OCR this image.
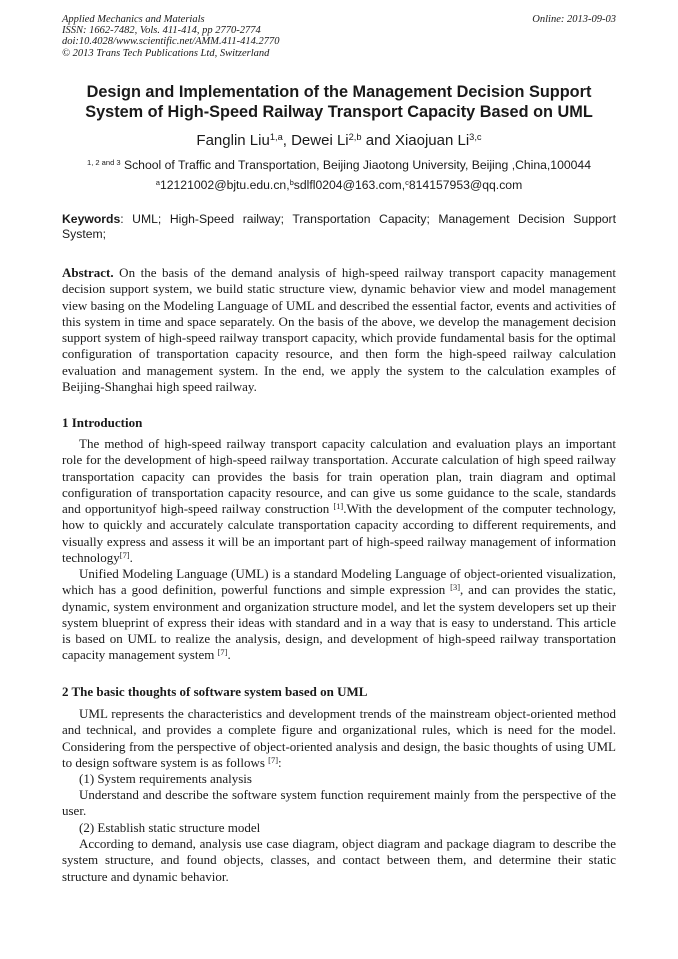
Applied Mechanics and Materials
ISSN: 1662-7482, Vols. 411-414, pp 2770-2774
doi:10.4028/www.scientific.net/AMM.411-414.2770
© 2013 Trans Tech Publications Ltd, Switzerland
Online: 2013-09-03
Design and Implementation of the Management Decision Support
System of High-Speed Railway Transport Capacity Based on UML
Fanglin Liu$^{1,a}$, Dewei Li$^{2,b}$ and Xiaojuan Li$^{3,c}$
$^{1, 2 and 3}$ School of Traffic and Transportation, Beijing Jiaotong University, Beijing ,China,100044
$^a$12121002@bjtu.edu.cn,$^b$sdlfl0204@163.com,$^c$814157953@qq.com
Keywords: UML; High-Speed railway; Transportation Capacity; Management Decision Support System;
Abstract. On the basis of the demand analysis of high-speed railway transport capacity management decision support system, we build static structure view, dynamic behavior view and model management view basing on the Modeling Language of UML and described the essential factor, events and activities of this system in time and space separately. On the basis of the above, we develop the management decision support system of high-speed railway transport capacity, which provide fundamental basis for the optimal configuration of transportation capacity resource, and then form the high-speed railway calculation evaluation and management system. In the end, we apply the system to the calculation examples of Beijing-Shanghai high speed railway.
1 Introduction

The method of high-speed railway transport capacity calculation and evaluation plays an important role for the development of high-speed railway transportation. Accurate calculation of high speed railway transportation capacity can provides the basis for train operation plan, train diagram and optimal configuration of transportation capacity resource, and can give us some guidance to the scale, standards and opportunityof high-speed railway construction [1].With the development of the computer technology, how to quickly and accurately calculate transportation capacity according to different requirements, and visually express and assess it will be an important part of high-speed railway management of information technology[7].

Unified Modeling Language (UML) is a standard Modeling Language of object-oriented visualization, which has a good definition, powerful functions and simple expression [3], and can provides the static, dynamic, system environment and organization structure model, and let the system developers set up their system blueprint of express their ideas with standard and in a way that is easy to understand. This article is based on UML to realize the analysis, design, and development of high-speed railway transportation capacity management system [7].

2 The basic thoughts of software system based on UML

UML represents the characteristics and development trends of the mainstream object-oriented method and technical, and provides a complete figure and organizational rules, which is need for the model. Considering from the perspective of object-oriented analysis and design, the basic thoughts of using UML to design software system is as follows [7]:

(1) System requirements analysis

Understand and describe the software system function requirement mainly from the perspective of the user.

(2) Establish static structure model

According to demand, analysis use case diagram, object diagram and package diagram to describe the system structure, and found objects, classes, and contact between them, and determine their static structure and dynamic behavior.
